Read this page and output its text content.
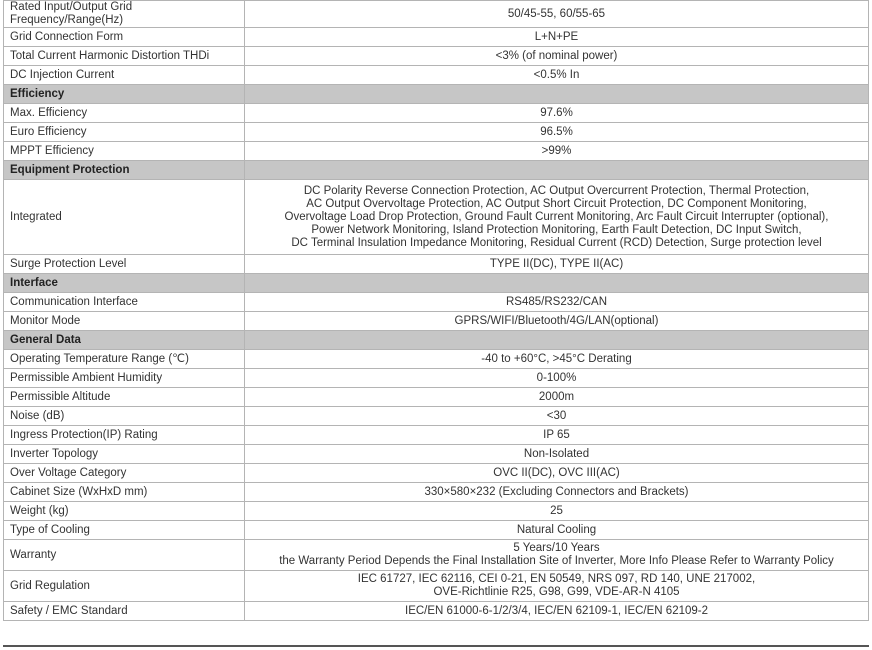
Rated Input/Output Grid Frequency/Range(Hz)	50/45-55, 60/55-65

Grid Connection Form	L+N+PE

Total Current Harmonic Distortion THDi	<3% (of nominal power)

DC Injection Current	<0.5% In

Efficiency	
Max. Efficiency	97.6%

Euro Efficiency	96.5%

MPPT Efficiency	>99%

Equipment Protection	
Integrated	DC Polarity Reverse Connection Protection, AC Output Overcurrent Protection, Thermal Protection,
AC Output Overvoltage Protection, AC Output Short Circuit Protection, DC Component Monitoring,
Overvoltage Load Drop Protection, Ground Fault Current Monitoring, Arc Fault Circuit Interrupter (optional),
Power Network Monitoring, Island Protection Monitoring, Earth Fault Detection, DC Input Switch,
DC Terminal Insulation Impedance Monitoring, Residual Current (RCD) Detection, Surge protection level

Surge Protection Level	TYPE II(DC), TYPE II(AC)

Interface	
Communication Interface	RS485/RS232/CAN

Monitor Mode	GPRS/WIFI/Bluetooth/4G/LAN(optional)

General Data	
Operating Temperature Range (℃)	-40 to +60°C, >45°C Derating

Permissible Ambient Humidity	0-100%

Permissible Altitude	2000m

Noise (dB)	<30

Ingress Protection(IP) Rating	IP 65

Inverter Topology	Non-Isolated

Over Voltage Category	OVC II(DC), OVC III(AC)

Cabinet Size (WxHxD mm)	330×580×232 (Excluding Connectors and Brackets)

Weight (kg)	25

Type of Cooling	Natural Cooling

Warranty	5 Years/10 Years
the Warranty Period Depends the Final Installation Site of Inverter, More Info Please Refer to Warranty Policy

Grid Regulation	IEC 61727, IEC 62116, CEI 0-21, EN 50549, NRS 097, RD 140, UNE 217002,
OVE-Richtlinie R25, G98, G99, VDE-AR-N 4105

Safety / EMC Standard	IEC/EN 61000-6-1/2/3/4, IEC/EN 62109-1, IEC/EN 62109-2
